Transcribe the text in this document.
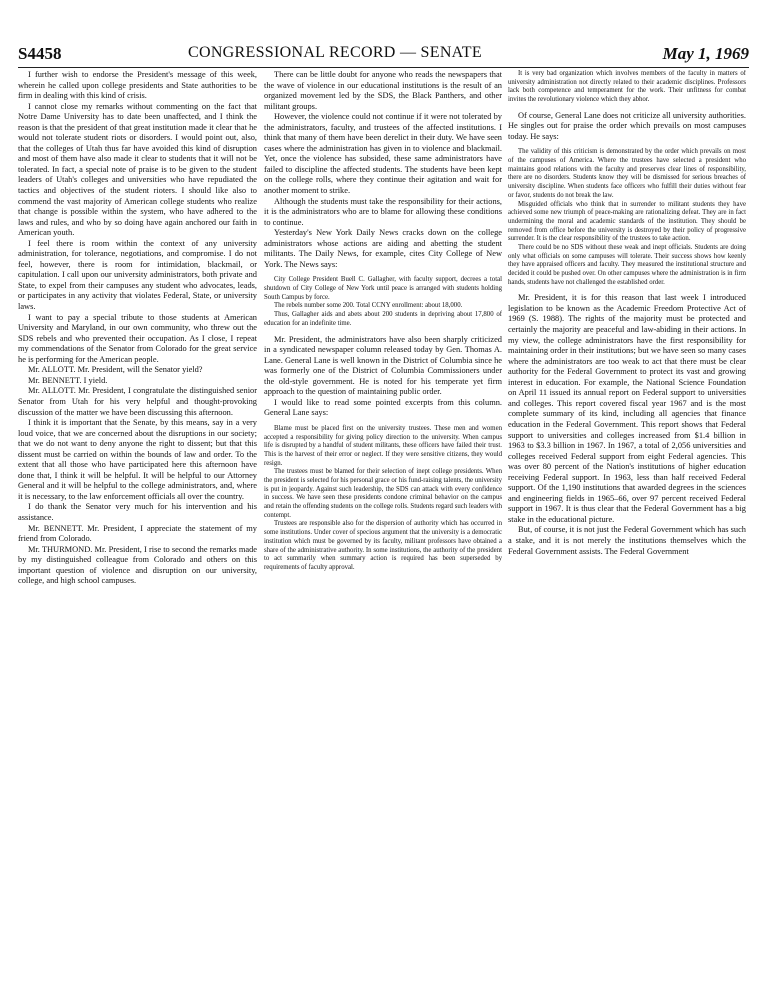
S4458	CONGRESSIONAL RECORD — SENATE	May 1, 1969

I further wish to endorse the President's message of this week, wherein he called upon college presidents and State authorities to be firm in dealing with this kind of crisis.

I cannot close my remarks without commenting on the fact that Notre Dame University has to date been unaffected, and I think the reason is that the president of that great institution made it clear that he would not tolerate student riots or disorders. I would point out, also, that the colleges of Utah thus far have avoided this kind of disruption and most of them have also made it clear to students that it will not be tolerated. In fact, a special note of praise is to be given to the student leaders of Utah's colleges and universities who have repudiated the tactics and objectives of the student rioters. I should like also to commend the vast majority of American college students who realize that change is possible within the system, who have adhered to the laws and rules, and who by so doing have again anchored our faith in American youth.

I feel there is room within the context of any university administration, for tolerance, negotiations, and compromise. I do not feel, however, there is room for intimidation, blackmail, or capitulation. I call upon our university administrators, both private and State, to expel from their campuses any student who advocates, leads, or participates in any activity that violates Federal, State, or university laws.

I want to pay a special tribute to those students at American University and Maryland, in our own community, who threw out the SDS rebels and who prevented their occupation. As I close, I repeat my commendations of the Senator from Colorado for the great service he is performing for the American people.

Mr. ALLOTT. Mr. President, will the Senator yield?

Mr. BENNETT. I yield.

Mr. ALLOTT. Mr. President, I congratulate the distinguished senior Senator from Utah for his very helpful and thought-provoking discussion of the matter we have been discussing this afternoon.

I think it is important that the Senate, by this means, say in a very loud voice, that we are concerned about the disruptions in our society; that we do not want to deny anyone the right to dissent; but that this dissent must be carried on within the bounds of law and order. To the extent that all those who have participated here this afternoon have done that, I think it will be helpful. It will be helpful to our Attorney General and it will be helpful to the college administrators, and, where it is necessary, to the law enforcement officials all over the country.

I do thank the Senator very much for his intervention and his assistance.

Mr. BENNETT. Mr. President, I appreciate the statement of my friend from Colorado.

Mr. THURMOND. Mr. President, I rise to second the remarks made by my distinguished colleague from Colorado and others on this important question of violence and disruption on our university, college, and high school campuses.

There can be little doubt for anyone who reads the newspapers that the wave of violence in our educational institutions is the result of an organized movement led by the SDS, the Black Panthers, and other militant groups.

However, the violence could not continue if it were not tolerated by the administrators, faculty, and trustees of the affected institutions. I think that many of them have been derelict in their duty. We have seen cases where the administration has given in to violence and blackmail. Yet, once the violence has subsided, these same administrators have failed to discipline the affected students. The students have been kept on the college rolls, where they continue their agitation and wait for another moment to strike.

Although the students must take the responsibility for their actions, it is the administrators who are to blame for allowing these conditions to continue.

Yesterday's New York Daily News cracks down on the college administrators whose actions are aiding and abetting the student militants. The Daily News, for example, cites City College of New York. The News says:

City College President Buell C. Gallagher, with faculty support, decrees a total shutdown of City College of New York until peace is arranged with students holding South Campus by force.

The rebels number some 200. Total CCNY enrollment: about 18,000.

Thus, Gallagher aids and abets about 200 students in depriving about 17,800 of education for an indefinite time.

Mr. President, the administrators have also been sharply criticized in a syndicated newspaper column released today by Gen. Thomas A. Lane. General Lane is well known in the District of Columbia since he was formerly one of the District of Columbia Commissioners under the old-style government. He is noted for his temperate yet firm approach to the question of maintaining public order.

I would like to read some pointed excerpts from this column. General Lane says:

Blame must be placed first on the university trustees. These men and women accepted a responsibility for giving policy direction to the university. When campus life is disrupted by a handful of student militants, these officers have failed their trust. This is the harvest of their error or neglect. If they were sensitive citizens, they would resign.

The trustees must be blamed for their selection of inept college presidents. When the president is selected for his personal grace or his fund-raising talents, the university is put in jeopardy. Against such leadership, the SDS can attack with every confidence in success. We have seen these presidents condone criminal behavior on the campus and retain the offending students on the college rolls. Students regard such leaders with contempt.

Trustees are responsible also for the dispersion of authority which has occurred in some institutions. Under cover of specious argument that the university is a democratic institution which must be governed by its faculty, militant professors have obtained a share of the administrative authority. In some institutions, the authority of the president to act summarily when summary action is required has been superseded by requirements of faculty approval.

It is very bad organization which involves members of the faculty in matters of university administration not directly related to their academic disciplines. Professors lack both competence and temperament for the work. Their unfitness for combat invites the revolutionary violence which they abhor.

Of course, General Lane does not criticize all university authorities. He singles out for praise the order which prevails on most campuses today. He says:

The validity of this criticism is demonstrated by the order which prevails on most of the campuses of America. Where the trustees have selected a president who maintains good relations with the faculty and preserves clear lines of responsibility, there are no disorders. Students know they will be dismissed for serious breaches of university discipline. When students face officers who fulfill their duties without fear or favor, students do not break the law.

Misguided officials who think that in surrender to militant students they have achieved some new triumph of peace-making are rationalizing defeat. They are in fact undermining the moral and academic standards of the institution. They should be removed from office before the university is destroyed by their policy of progressive surrender. It is the clear responsibility of the trustees to take action.

There could be no SDS without these weak and inept officials. Students are doing only what officials on some campuses will tolerate. Their success shows how keenly they have appraised officers and faculty. They measured the institutional structure and decided it could be pushed over. On other campuses where the administration is in firm hands, students have not challenged the established order.

Mr. President, it is for this reason that last week I introduced legislation to be known as the Academic Freedom Protective Act of 1969 (S. 1988). The rights of the majority must be protected and certainly the majority are peaceful and law-abiding in their actions. In my view, the college administrators have the first responsibility for maintaining order in their institutions; but we have seen so many cases where the administrators are too weak to act that there must be clear authority for the Federal Government to protect its vast and growing interest in education. For example, the National Science Foundation on April 11 issued its annual report on Federal support to universities and colleges. This report covered fiscal year 1967 and is the most complete summary of its kind, including all agencies that finance education in the Federal Government. This report shows that Federal support to universities and colleges increased from $1.4 billion in 1963 to $3.3 billion in 1967. In 1967, a total of 2,056 universities and colleges received Federal support from eight Federal agencies. This was over 80 percent of the Nation's institutions of higher education receiving Federal support. In 1963, less than half received Federal support. Of the 1,190 institutions that awarded degrees in the sciences and engineering fields in 1965–66, over 97 percent received Federal support in 1967. It is thus clear that the Federal Government has a big stake in the educational picture.

But, of course, it is not just the Federal Government which has such a stake, and it is not merely the institutions themselves which the Federal Government assists. The Federal Government
